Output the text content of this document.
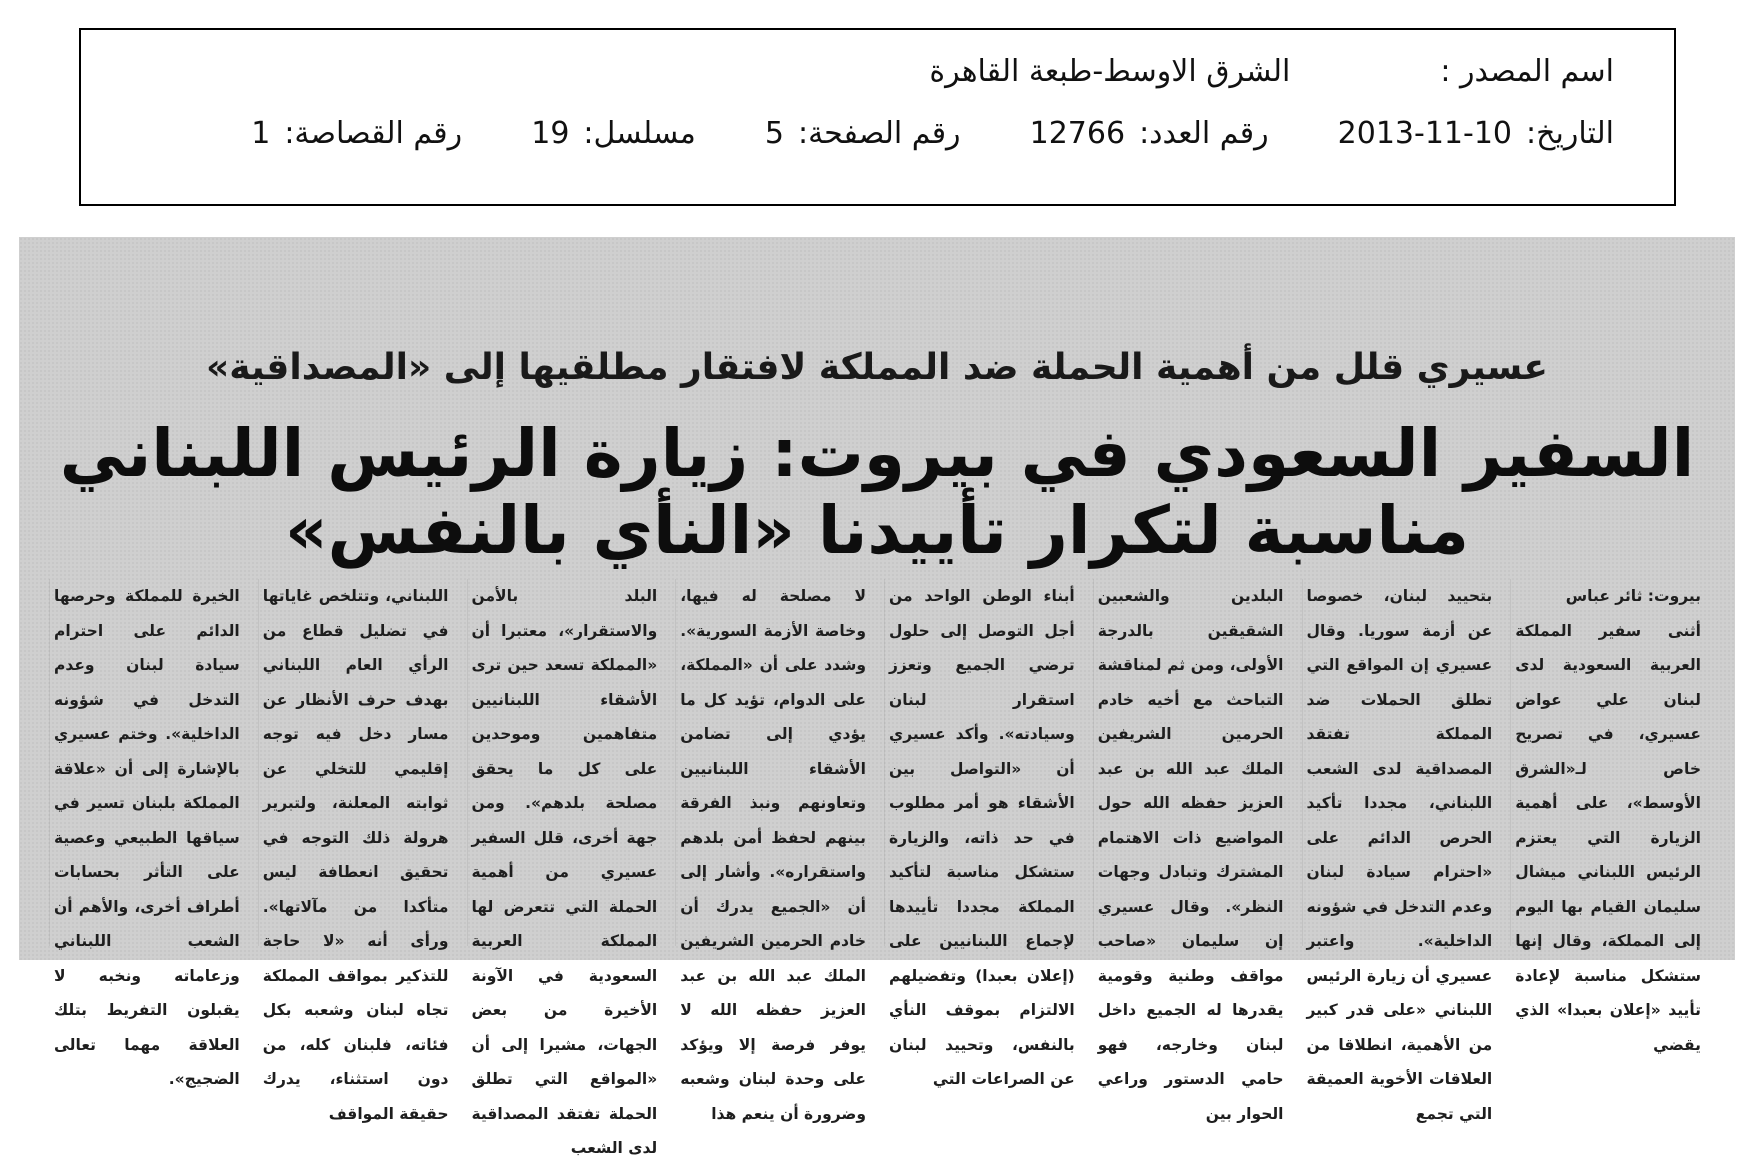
اسم المصدر :الشرق الاوسط-طبعة القاهرة
التاريخ:2013-11-10  رقم العدد:12766  رقم الصفحة:5  مسلسل:19  رقم القصاصة:1
عسيري قلل من أهمية الحملة ضد المملكة لافتقار مطلقيها إلى «المصداقية»
السفير السعودي في بيروت: زيارة الرئيس اللبناني مناسبة لتكرار تأييدنا «النأي بالنفس»
بيروت: ثائر عباس
أثنى سفير المملكة العربية السعودية لدى لبنان علي عواض عسيري، في تصريح خاص لـ«الشرق الأوسط»، على أهمية الزيارة التي يعتزم الرئيس اللبناني ميشال سليمان القيام بها اليوم إلى المملكة، وقال إنها ستشكل مناسبة لإعادة تأييد «إعلان بعبدا» الذي يقضي
بتحييد لبنان، خصوصا عن أزمة سوريا. وقال عسيري إن المواقع التي تطلق الحملات ضد المملكة تفتقد المصداقية لدى الشعب اللبناني، مجددا تأكيد الحرص الدائم على «احترام سيادة لبنان وعدم التدخل في شؤونه الداخلية». واعتبر عسيري أن زيارة الرئيس اللبناني «على قدر كبير من الأهمية، انطلاقا من العلاقات الأخوية العميقة التي تجمع
البلدين والشعبين الشقيقين بالدرجة الأولى، ومن ثم لمناقشة التباحث مع أخيه خادم الحرمين الشريفين الملك عبد الله بن عبد العزيز حفظه الله حول المواضيع ذات الاهتمام المشترك وتبادل وجهات النظر». وقال عسيري إن سليمان «صاحب مواقف وطنية وقومية يقدرها له الجميع داخل لبنان وخارجه، فهو حامي الدستور وراعي الحوار بين
أبناء الوطن الواحد من أجل التوصل إلى حلول ترضي الجميع وتعزز استقرار لبنان وسيادته». وأكد عسيري أن «التواصل بين الأشقاء هو أمر مطلوب في حد ذاته، والزيارة ستشكل مناسبة لتأكيد المملكة مجددا تأييدها لإجماع اللبنانيين على (إعلان بعبدا) وتفضيلهم الالتزام بموقف النأي بالنفس، وتحييد لبنان عن الصراعات التي
لا مصلحة له فيها، وخاصة الأزمة السورية». وشدد على أن «المملكة، على الدوام، تؤيد كل ما يؤدي إلى تضامن الأشقاء اللبنانيين وتعاونهم ونبذ الفرقة بينهم لحفظ أمن بلدهم واستقراره». وأشار إلى أن «الجميع يدرك أن خادم الحرمين الشريفين الملك عبد الله بن عبد العزيز حفظه الله لا يوفر فرصة إلا ويؤكد على وحدة لبنان وشعبه وضرورة أن ينعم هذا
البلد بالأمن والاستقرار»، معتبرا أن «المملكة تسعد حين ترى الأشقاء اللبنانيين متفاهمين وموحدين على كل ما يحقق مصلحة بلدهم». ومن جهة أخرى، قلل السفير عسيري من أهمية الحملة التي تتعرض لها المملكة العربية السعودية في الآونة الأخيرة من بعض الجهات، مشيرا إلى أن «المواقع التي تطلق الحملة تفتقد المصداقية لدى الشعب
اللبناني، وتتلخص غاياتها في تضليل قطاع من الرأي العام اللبناني بهدف حرف الأنظار عن مسار دخل فيه توجه إقليمي للتخلي عن ثوابته المعلنة، ولتبرير هرولة ذلك التوجه في تحقيق انعطافة ليس متأكدا من مآلاتها». ورأى أنه «لا حاجة للتذكير بمواقف المملكة تجاه لبنان وشعبه بكل فئاته، فلبنان كله، من دون استثناء، يدرك حقيقة المواقف
الخيرة للمملكة وحرصها الدائم على احترام سيادة لبنان وعدم التدخل في شؤونه الداخلية». وختم عسيري بالإشارة إلى أن «علاقة المملكة بلبنان تسير في سياقها الطبيعي وعصية على التأثر بحسابات أطراف أخرى، والأهم أن الشعب اللبناني وزعاماته ونخبه لا يقبلون التفريط بتلك العلاقة مهما تعالى الضجيج».
